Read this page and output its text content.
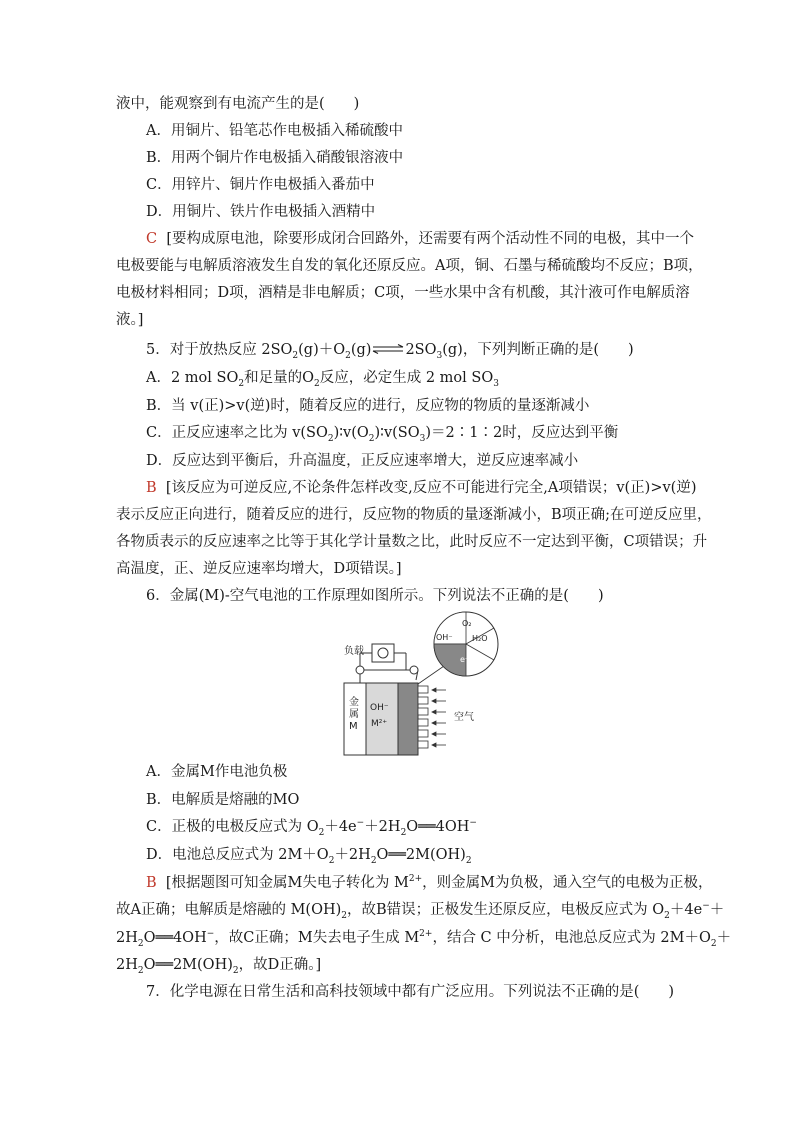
液中，能观察到有电流产生的是(　　)
A．用铜片、铅笔芯作电极插入稀硫酸中
B．用两个铜片作电极插入硝酸银溶液中
C．用锌片、铜片作电极插入番茄中
D．用铜片、铁片作电极插入酒精中
C [要构成原电池，除要形成闭合回路外，还需要有两个活动性不同的电极，其中一个
电极要能与电解质溶液发生自发的氧化还原反应。A项，铜、石墨与稀硫酸均不反应；B项，
电极材料相同；D项，酒精是非电解质；C项，一些水果中含有机酸，其汁液可作电解质溶
液。]
5．对于放热反应 $2SO_2(g)+O_2(g)\rightleftharpoons 2SO_3(g)$，下列判断正确的是(　　)
A．2 mol $SO_2$和足量的$O_2$反应，必定生成 2 mol $SO_3$
B．当 v(正)>v(逆)时，随着反应的进行，反应物的物质的量逐渐减小
C．正反应速率之比为 $v(SO_2)∶v(O_2)∶v(SO_3)=2∶1∶2$时，反应达到平衡
D．反应达到平衡后，升高温度，正反应速率增大，逆反应速率减小
B [该反应为可逆反应,不论条件怎样改变,反应不可能进行完全,A项错误；v(正)>v(逆)
表示反应正向进行，随着反应的进行，反应物的物质的量逐渐减小，B项正确;在可逆反应里，
各物质表示的反应速率之比等于其化学计量数之比，此时反应不一定达到平衡，C项错误；升
高温度，正、逆反应速率均增大，D项错误。]
6．金属(M)-空气电池的工作原理如图所示。下列说法不正确的是(　　)
负载
金
属
M
OH⁻
M²⁺
空气
OH⁻
O₂
H₂O
e⁻
A．金属M作电池负极
B．电解质是熔融的MO
C．正极的电极反应式为 $O_2+4e^-+2H_2O══4OH^-$
D．电池总反应式为 $2M+O_2+2H_2O══2M(OH)_2$
B [根据题图可知金属M失电子转化为 $M^{2+}$，则金属M为负极，通入空气的电极为正极，
故A正确；电解质是熔融的 $M(OH)_2$，故B错误；正极发生还原反应，电极反应式为 $O_2+4e^-+$
$2H_2O══4OH^-$，故C正确；M失去电子生成 $M^{2+}$，结合 C 中分析，电池总反应式为 $2M+O_2+$
$2H_2O══2M(OH)_2$，故D正确。]
7．化学电源在日常生活和高科技领域中都有广泛应用。下列说法不正确的是(　　)
